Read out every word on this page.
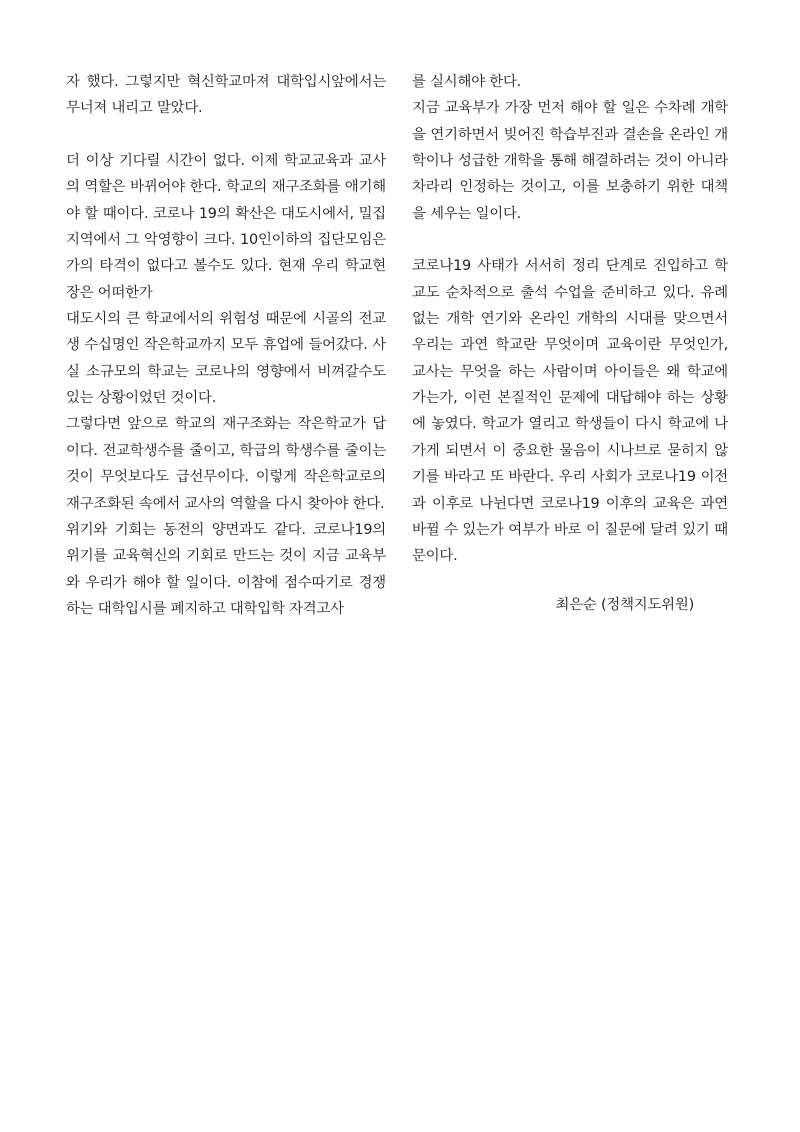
자 했다. 그렇지만 혁신학교마져 대학입시앞에서는 무너져 내리고 말았다.

더 이상 기다릴 시간이 없다. 이제 학교교육과 교사의 역할은 바뀌어야 한다. 학교의 재구조화를 애기해야 할 때이다. 코로나 19의 확산은 대도시에서, 밀집지역에서 그 악영향이 크다. 10인이하의 집단모임은 가의 타격이 없다고 볼수도 있다. 현재 우리 학교현장은 어떠한가

대도시의 큰 학교에서의 위험성 때문에 시골의 전교생 수십명인 작은학교까지 모두 휴업에 들어갔다. 사실 소규모의 학교는 코로나의 영향에서 비껴갈수도 있는 상황이었던 것이다.

그렇다면 앞으로 학교의 재구조화는 작은학교가 답이다. 전교학생수를 줄이고, 학급의 학생수를 줄이는 것이 무엇보다도 급선무이다. 이렇게 작은학교로의 재구조화된 속에서 교사의 역할을 다시 찾아야 한다.

위기와 기회는 동전의 양면과도 같다. 코로나19의 위기를 교육혁신의 기회로 만드는 것이 지금 교육부와 우리가 해야 할 일이다. 이참에 점수따기로 경쟁하는 대학입시를 폐지하고 대학입학 자격고사

를 실시해야 한다.

지금 교육부가 가장 먼저 해야 할 일은 수차례 개학을 연기하면서 빚어진 학습부진과 결손을 온라인 개학이나 성급한 개학을 통해 해결하려는 것이 아니라 차라리 인정하는 것이고, 이를 보충하기 위한 대책을 세우는 일이다.

코로나19 사태가 서서히 정리 단계로 진입하고 학교도 순차적으로 출석 수업을 준비하고 있다. 유례없는 개학 연기와 온라인 개학의 시대를 맞으면서 우리는 과연 학교란 무엇이며 교육이란 무엇인가, 교사는 무엇을 하는 사람이며 아이들은 왜 학교에 가는가, 이런 본질적인 문제에 대답해야 하는 상황에 놓였다. 학교가 열리고 학생들이 다시 학교에 나가게 되면서 이 중요한 물음이 시나브로 묻히지 않기를 바라고 또 바란다. 우리 사회가 코로나19 이전과 이후로 나뉜다면 코로나19 이후의 교육은 과연 바뀔 수 있는가 여부가 바로 이 질문에 달려 있기 때문이다.

최은순 (정책지도위원)
